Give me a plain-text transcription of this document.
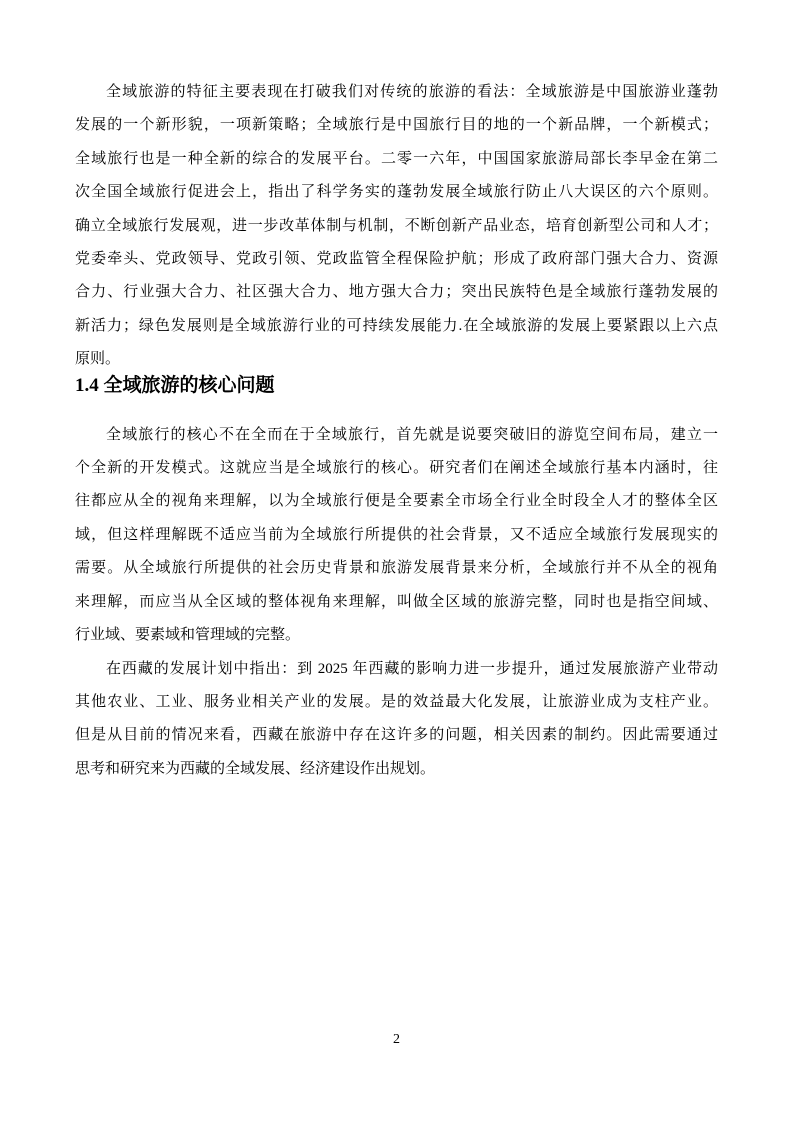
全域旅游的特征主要表现在打破我们对传统的旅游的看法：全域旅游是中国旅游业蓬勃
发展的一个新形貌，一项新策略；全域旅行是中国旅行目的地的一个新品牌，一个新模式；
全域旅行也是一种全新的综合的发展平台。二零一六年，中国国家旅游局部长李早金在第二
次全国全域旅行促进会上，指出了科学务实的蓬勃发展全域旅行防止八大误区的六个原则。
确立全域旅行发展观，进一步改革体制与机制，不断创新产品业态，培育创新型公司和人才；
党委牵头、党政领导、党政引领、党政监管全程保险护航；形成了政府部门强大合力、资源
合力、行业强大合力、社区强大合力、地方强大合力；突出民族特色是全域旅行蓬勃发展的
新活力；绿色发展则是全域旅游行业的可持续发展能力.在全域旅游的发展上要紧跟以上六点
原则。
1.4 全域旅游的核心问题
全域旅行的核心不在全而在于全域旅行，首先就是说要突破旧的游览空间布局，建立一
个全新的开发模式。这就应当是全域旅行的核心。研究者们在阐述全域旅行基本内涵时，往
往都应从全的视角来理解，以为全域旅行便是全要素全市场全行业全时段全人才的整体全区
域，但这样理解既不适应当前为全域旅行所提供的社会背景，又不适应全域旅行发展现实的
需要。从全域旅行所提供的社会历史背景和旅游发展背景来分析，全域旅行并不从全的视角
来理解，而应当从全区域的整体视角来理解，叫做全区域的旅游完整，同时也是指空间域、
行业域、要素域和管理域的完整。
在西藏的发展计划中指出：到 2025 年西藏的影响力进一步提升，通过发展旅游产业带动
其他农业、工业、服务业相关产业的发展。是的效益最大化发展，让旅游业成为支柱产业。
但是从目前的情况来看，西藏在旅游中存在这许多的问题，相关因素的制约。因此需要通过
思考和研究来为西藏的全域发展、经济建设作出规划。
2
